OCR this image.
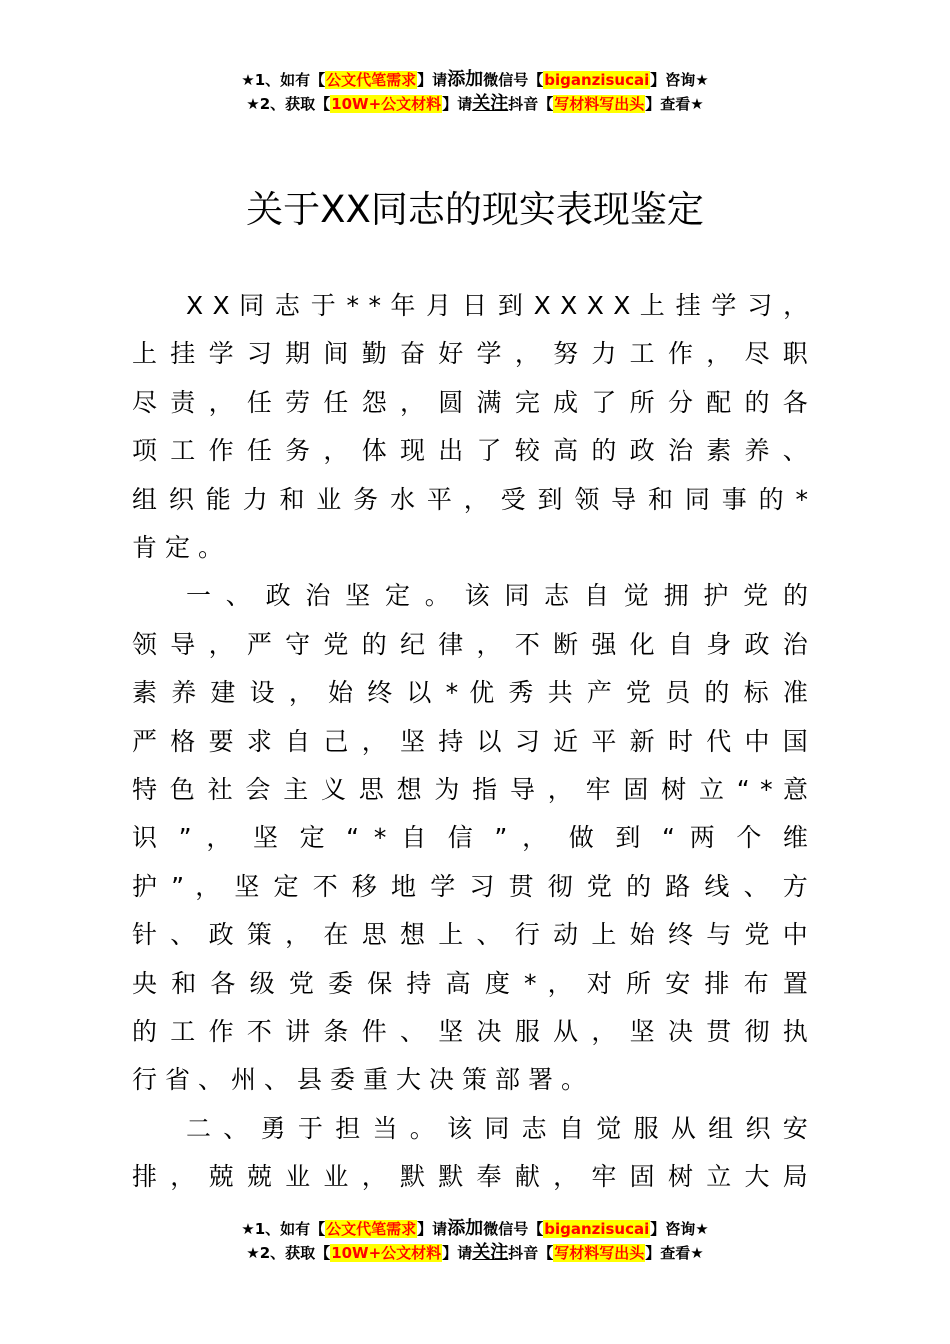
★1、如有【公文代笔需求】请添加微信号【biganzisucai】咨询★
★2、获取【10W+公文材料】请关注抖音【写材料写出头】查看★
关于XX同志的现实表现鉴定
X X 同 志 于 * * 年 月 日 到 X X X X 上 挂 学 习 ，
上 挂 学 习 期 间 勤 奋 好 学 ， 努 力 工 作 ， 尽 职
尽 责 ， 任 劳 任 怨 ， 圆 满 完 成 了 所 分 配 的 各
项 工 作 任 务 ， 体 现 出 了 较 高 的 政 治 素 养 、
组 织 能 力 和 业 务 水 平 ， 受 到 领 导 和 同 事 的 *
肯定。
一 、 政 治 坚 定 。 该 同 志 自 觉 拥 护 党 的
领 导 ， 严 守 党 的 纪 律 ， 不 断 强 化 自 身 政 治
素 养 建 设 ， 始 终 以 * 优 秀 共 产 党 员 的 标 准
严 格 要 求 自 己 ， 坚 持 以 习 近 平 新 时 代 中 国
特 色 社 会 主 义 思 想 为 指 导 ， 牢 固 树 立 “ * 意
识 ” ， 坚 定 “ * 自 信 ” ， 做 到 “ 两 个 维
护 ” ， 坚 定 不 移 地 学 习 贯 彻 党 的 路 线 、 方
针 、 政 策 ， 在 思 想 上 、 行 动 上 始 终 与 党 中
央 和 各 级 党 委 保 持 高 度 * ， 对 所 安 排 布 置
的 工 作 不 讲 条 件 、 坚 决 服 从 ， 坚 决 贯 彻 执
行省、州、县委重大决策部署。
二 、 勇 于 担 当 。 该 同 志 自 觉 服 从 组 织 安
排 ， 兢 兢 业 业 ， 默 默 奉 献 ， 牢 固 树 立 大 局
★1、如有【公文代笔需求】请添加微信号【biganzisucai】咨询★
★2、获取【10W+公文材料】请关注抖音【写材料写出头】查看★
